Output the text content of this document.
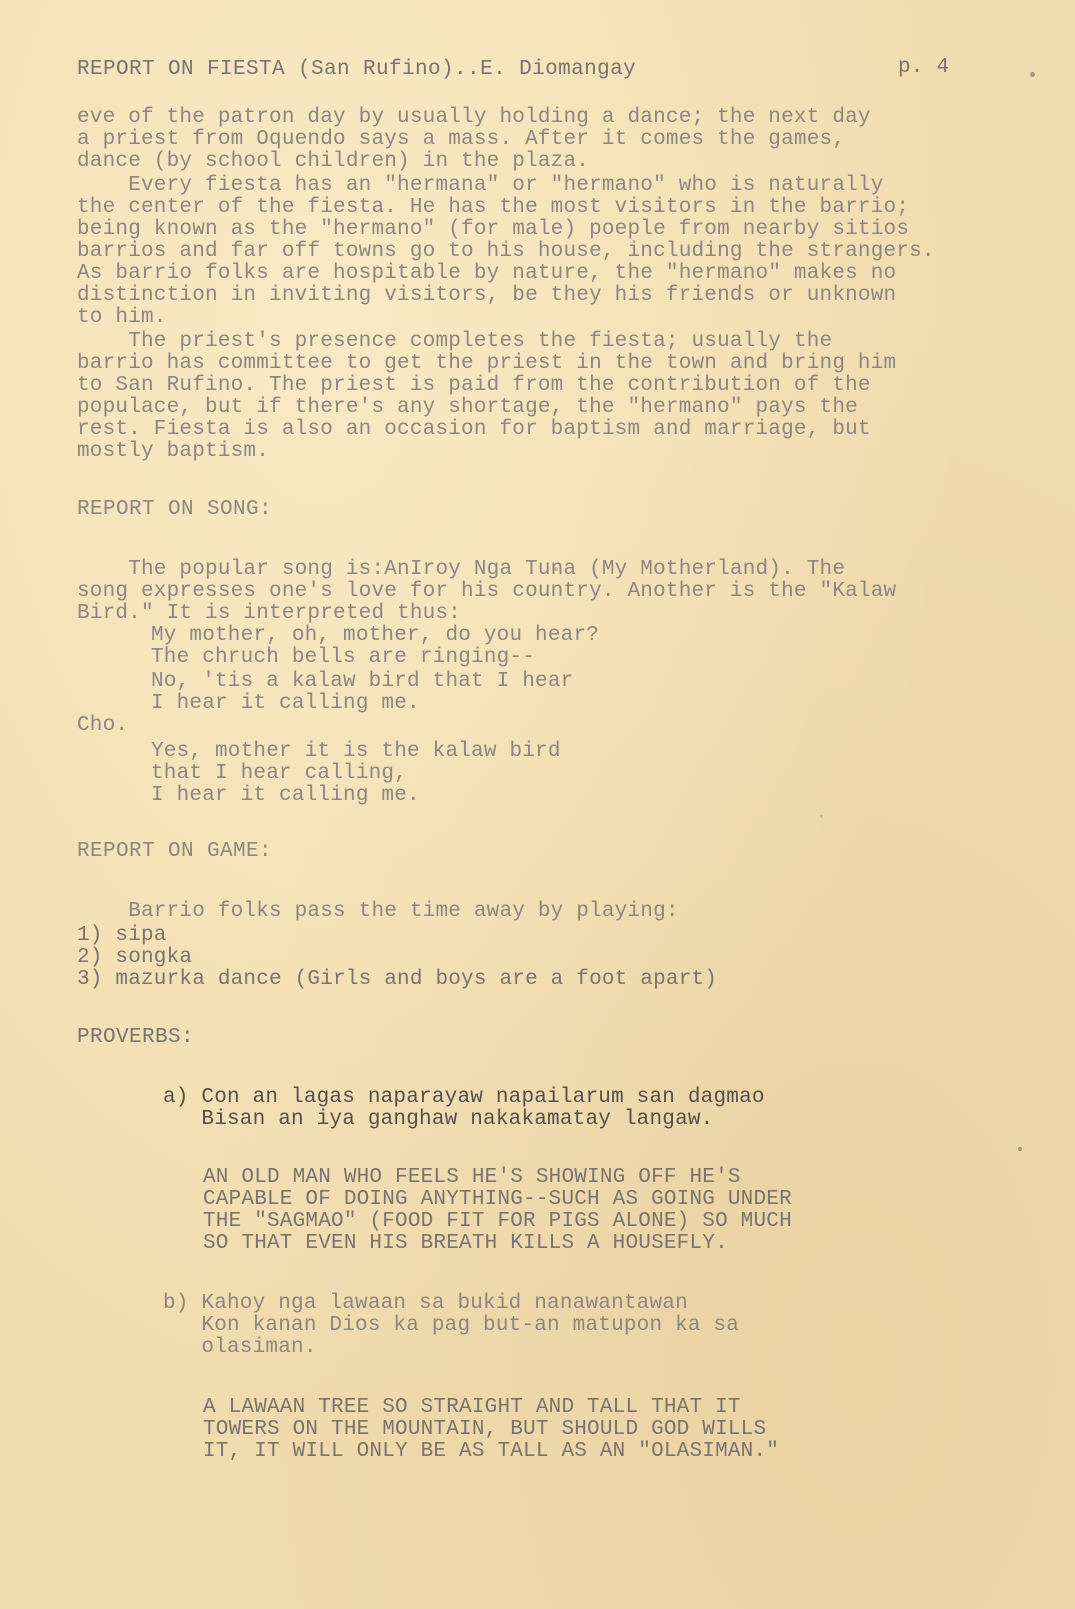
REPORT ON FIESTA (San Rufino)..E. Diomangay	p. 4
eve of the patron day by usually holding a dance; the next day
a priest from Oquendo says a mass. After it comes the games,
dance (by school children) in the plaza.
Every fiesta has an "hermana" or "hermano" who is naturally
the center of the fiesta. He has the most visitors in the barrio;
being known as the "hermano" (for male) poeple from nearby sitios
barrios and far off towns go to his house, including the strangers.
As barrio folks are hospitable by nature, the "hermano" makes no
distinction in inviting visitors, be they his friends or unknown
to him.
The priest's presence completes the fiesta; usually the
barrio has committee to get the priest in the town and bring him
to San Rufino. The priest is paid from the contribution of the
populace, but if there's any shortage, the "hermano" pays the
rest. Fiesta is also an occasion for baptism and marriage, but
mostly baptism.
REPORT ON SONG:
The popular song is:AnIroy Nga Tuna (My Motherland). The
song expresses one's love for his country. Another is the "Kalaw
Bird." It is interpreted thus:
My mother, oh, mother, do you hear?
The chruch bells are ringing--
No, 'tis a kalaw bird that I hear
I hear it calling me.
Cho.
Yes, mother it is the kalaw bird
that I hear calling,
I hear it calling me.
REPORT ON GAME:
Barrio folks pass the time away by playing:
1) sipa
2) songka
3) mazurka dance (Girls and boys are a foot apart)
PROVERBS:
a) Con an lagas naparayaw napailarum san dagmao
Bisan an iya ganghaw nakakamatay langaw.
AN OLD MAN WHO FEELS HE'S SHOWING OFF HE'S
CAPABLE OF DOING ANYTHING--SUCH AS GOING UNDER
THE "SAGMAO" (FOOD FIT FOR PIGS ALONE) SO MUCH
SO THAT EVEN HIS BREATH KILLS A HOUSEFLY.
b) Kahoy nga lawaan sa bukid nanawantawan
Kon kanan Dios ka pag but-an matupon ka sa
olasiman.
A LAWAAN TREE SO STRAIGHT AND TALL THAT IT
TOWERS ON THE MOUNTAIN, BUT SHOULD GOD WILLS
IT, IT WILL ONLY BE AS TALL AS AN "OLASIMAN."
